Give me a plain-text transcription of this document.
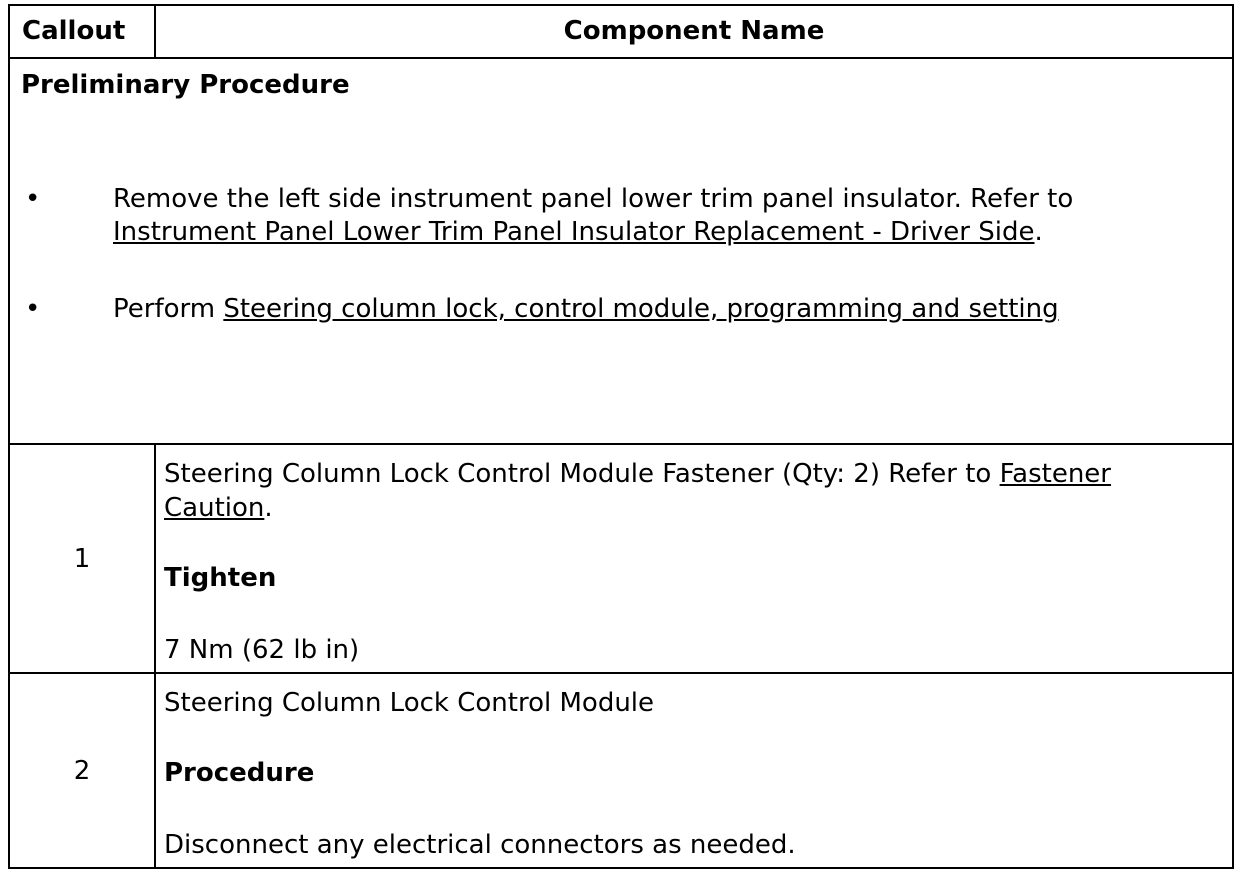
Callout	Component Name

Preliminary Procedure
• Remove the left side instrument panel lower trim panel insulator. Refer to Instrument Panel Lower Trim Panel Insulator Replacement - Driver Side.
• Perform Steering column lock, control module, programming and setting	

1	Steering Column Lock Control Module Fastener (Qty: 2) Refer to Fastener Caution.
Tighten
7 Nm (62 lb in)

2	Steering Column Lock Control Module
Procedure
Disconnect any electrical connectors as needed.
